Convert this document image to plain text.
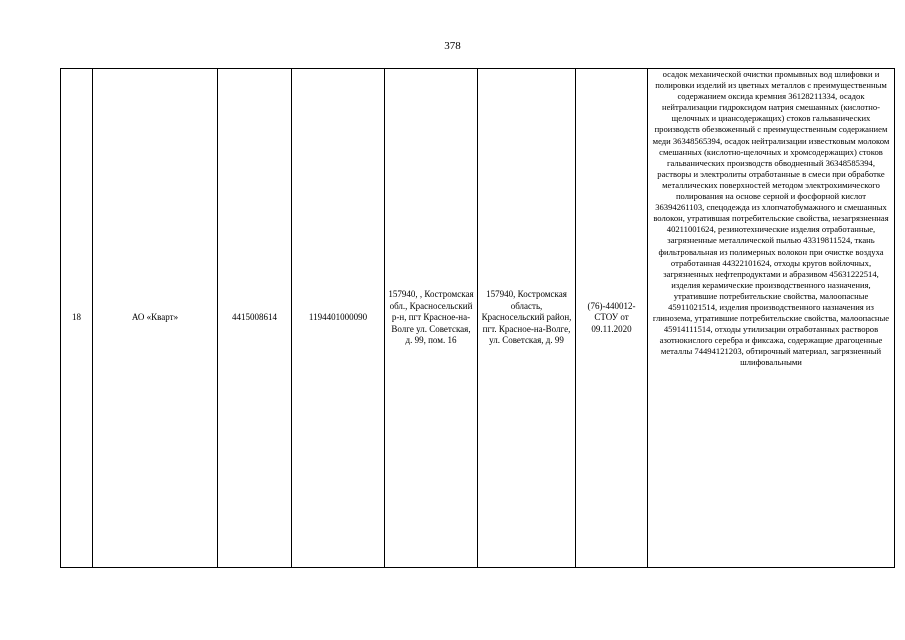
378
18	АО «Кварт»	4415008614	1194401000090	157940, , Костромская обл., Красносельский р-н, пгт Красное-на-Волге ул. Советская, д. 99, пом. 16	157940, Костромская область, Красносельский район, пгт. Красное-на-Волге, ул. Советская, д. 99	(76)-440012-СТОУ от 09.11.2020	осадок механической очистки промывных вод шлифовки и полировки изделий из цветных металлов с преимущественным содержанием оксида кремния 36128211334, осадок нейтрализации гидроксидом натрия смешанных (кислотно-щелочных и циансодержащих) стоков гальванических производств обезвоженный с преимущественным содержанием меди 36348565394, осадок нейтрализации известковым молоком смешанных (кислотно-щелочных и хромсодержащих) стоков гальванических производств обводненный 36348585394, растворы и электролиты отработанные в смеси при обработке металлических поверхностей методом электрохимического полирования на основе серной и фосфорной кислот 36394261103, спецодежда из хлопчатобумажного и смешанных волокон, утратившая потребительские свойства, незагрязненная 40211001624, резинотехнические изделия отработанные, загрязненные металлической пылью 43319811524, ткань фильтровальная из полимерных волокон при очистке воздуха отработанная 44322101624, отходы кругов войлочных, загрязненных нефтепродуктами и абразивом 45631222514, изделия керамические производственного назначения, утратившие потребительские свойства, малоопасные 45911021514, изделия производственного назначения из глинозема, утратившие потребительские свойства, малоопасные 45914111514, отходы утилизации отработанных растворов азотнокислого серебра и фиксажа, содержащие драгоценные металлы 74494121203, обтирочный материал, загрязненный шлифовальными
